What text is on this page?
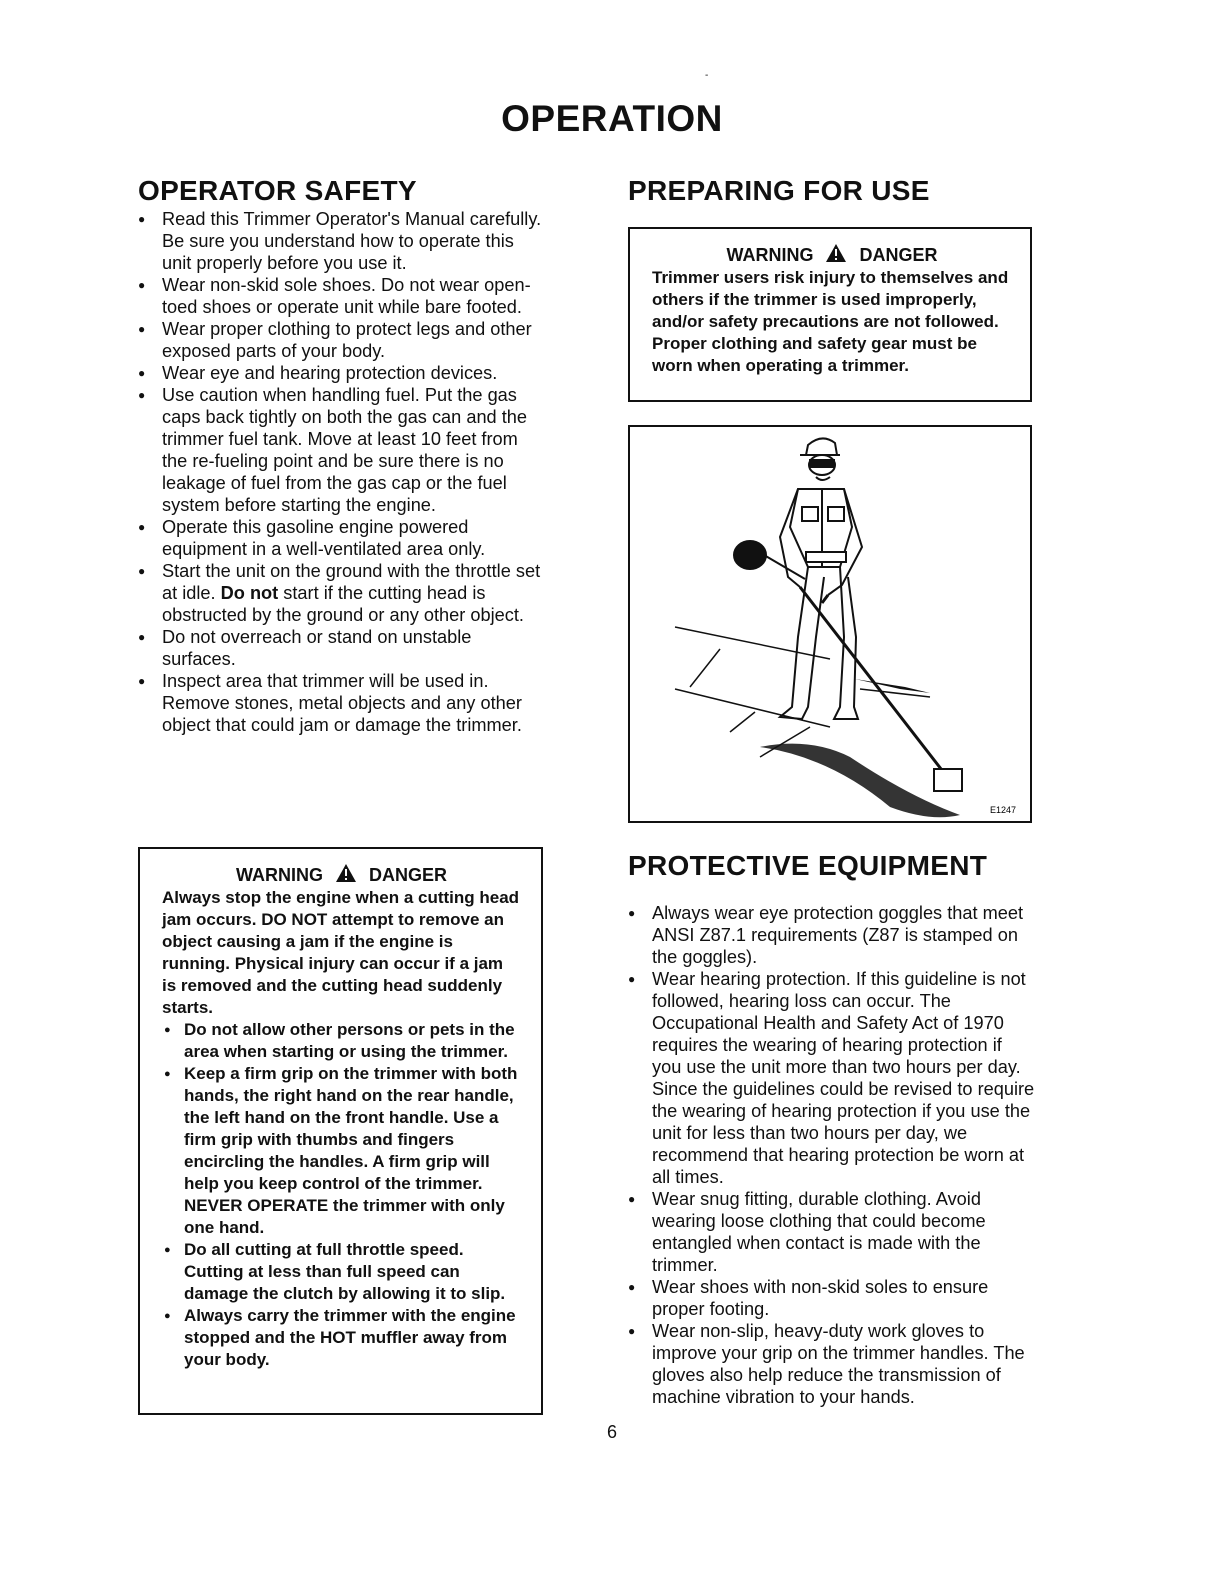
-
OPERATION
OPERATOR SAFETY
● Read this Trimmer Operator's Manual carefully. Be sure you understand how to operate this unit properly before you use it.
● Wear non-skid sole shoes. Do not wear open-toed shoes or operate unit while bare footed.
● Wear proper clothing to protect legs and other exposed parts of your body.
● Wear eye and hearing protection devices.
● Use caution when handling fuel. Put the gas caps back tightly on both the gas can and the trimmer fuel tank. Move at least 10 feet from the re-fueling point and be sure there is no leakage of fuel from the gas cap or the fuel system before starting the engine.
● Operate this gasoline engine powered equipment in a well-ventilated area only.
● Start the unit on the ground with the throttle set at idle. Do not start if the cutting head is obstructed by the ground or any other object.
● Do not overreach or stand on unstable surfaces.
● Inspect area that trimmer will be used in. Remove stones, metal objects and any other object that could jam or damage the trimmer.
WARNING	DANGER
Always stop the engine when a cutting head jam occurs. DO NOT attempt to remove an object causing a jam if the engine is running. Physical injury can occur if a jam is removed and the cutting head suddenly starts.
● Do not allow other persons or pets in the area when starting or using the trimmer.
● Keep a firm grip on the trimmer with both hands, the right hand on the rear handle, the left hand on the front handle. Use a firm grip with thumbs and fingers encircling the handles. A firm grip will help you keep control of the trimmer. NEVER OPERATE the trimmer with only one hand.
● Do all cutting at full throttle speed. Cutting at less than full speed can damage the clutch by allowing it to slip.
● Always carry the trimmer with the engine stopped and the HOT muffler away from your body.
PREPARING FOR USE
WARNING	DANGER
Trimmer users risk injury to themselves and others if the trimmer is used improperly, and/or safety precautions are not followed. Proper clothing and safety gear must be worn when operating a trimmer.
E1247
PROTECTIVE EQUIPMENT
● Always wear eye protection goggles that meet ANSI Z87.1 requirements (Z87 is stamped on the goggles).
● Wear hearing protection. If this guideline is not followed, hearing loss can occur. The Occupational Health and Safety Act of 1970 requires the wearing of hearing protection if you use the unit more than two hours per day. Since the guidelines could be revised to require the wearing of hearing protection if you use the unit for less than two hours per day, we recommend that hearing protection be worn at all times.
● Wear snug fitting, durable clothing. Avoid wearing loose clothing that could become entangled when contact is made with the trimmer.
● Wear shoes with non-skid soles to ensure proper footing.
● Wear non-slip, heavy-duty work gloves to improve your grip on the trimmer handles. The gloves also help reduce the transmission of machine vibration to your hands.
6
